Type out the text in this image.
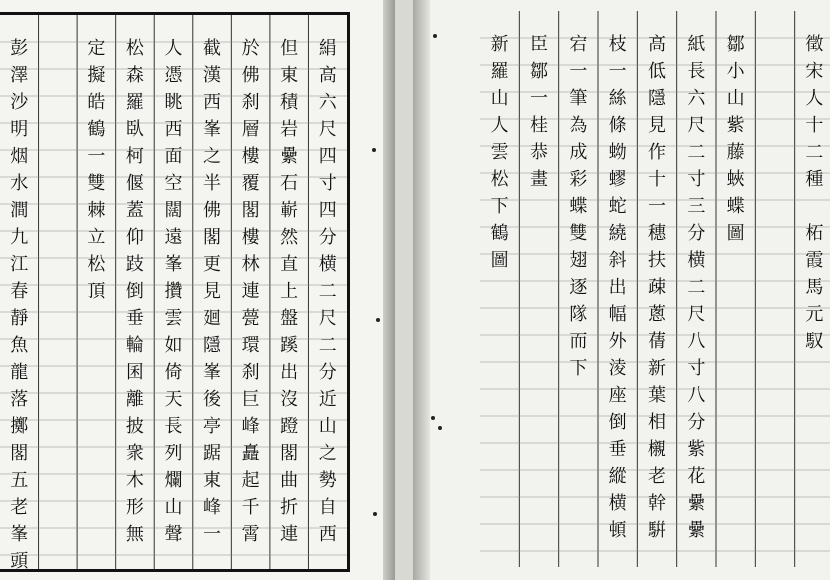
絹
高
六
尺
四
寸
四
分
横
二
尺
二
分
近
山
之
勢
自
西
但
東
積
岩
纍
石
嶄
然
直
上
盤
蹊
出
沒
蹬
閣
曲
折
連
於
佛
刹
層
樓
覆
閣
樓
林
連
甍
環
刹
巨
峰
矗
起
千
霄
截
漢
西
峯
之
半
佛
閣
更
見
廻
隱
峯
後
亭
踞
東
峰
一
人
憑
眺
西
面
空
闊
遠
峯
攢
雲
如
倚
天
長
列
爛
山
聲
松
森
羅
臥
柯
偃
蓋
仰
跂
倒
垂
輪
囷
離
披
衆
木
形
無
定
擬
皓
鶴
一
雙
棘
立
松
頂
彭
澤
沙
明
烟
水
澗
九
江
春
靜
魚
龍
落
擲
閣
五
老
峯
頭
徵
宋
人
十
二
種
柘
霞
馬
元
馭
鄒
小
山
紫
藤
蛺
蝶
圖
紙
長
六
尺
二
寸
三
分
横
二
尺
八
寸
八
分
紫
花
纍
纍
高
低
隱
見
作
十
一
穗
扶
疎
蔥
蒨
新
葉
相
櫬
老
幹
騈
枝
一
絲
條
蚴
蟉
蛇
繞
斜
出
幅
外
淩
座
倒
垂
縱
横
頓
宕
一
筆
為
成
彩
蝶
雙
翅
逐
隊
而
下
臣
鄒
一
桂
恭
畫
新
羅
山
人
雲
松
下
鶴
圖
